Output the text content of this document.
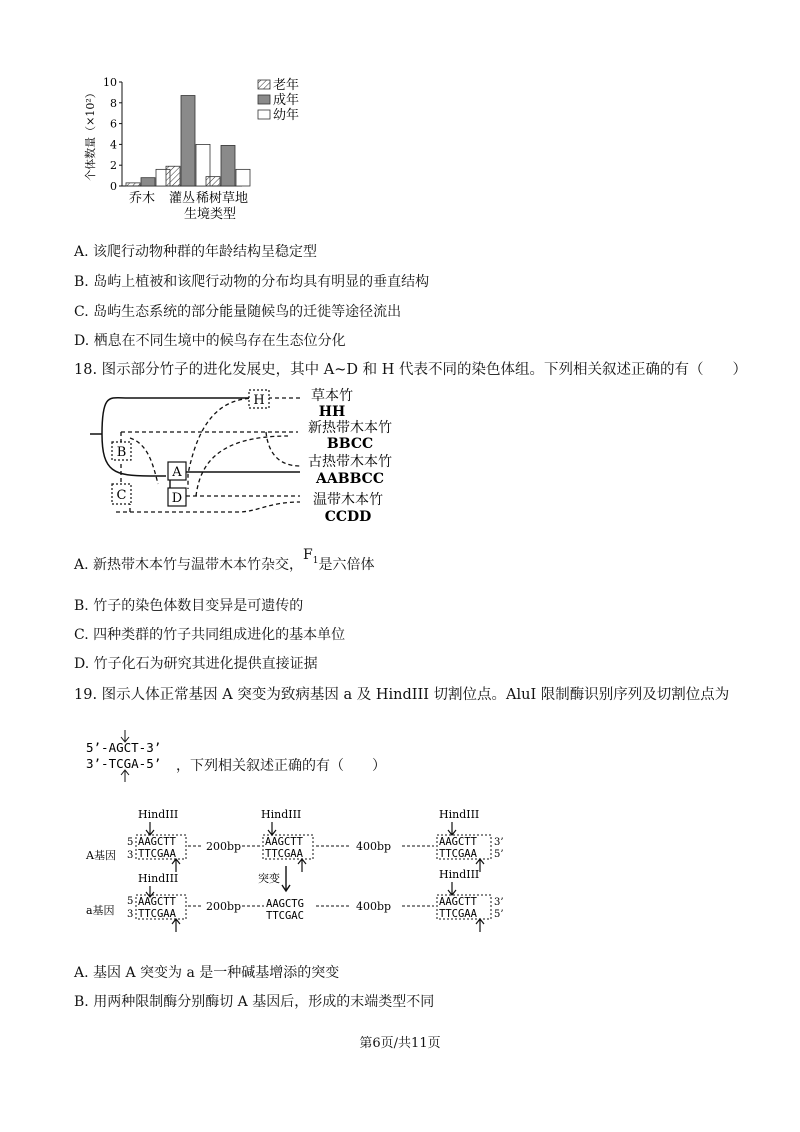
个体数量（×10²）
0
2
4
6
8
10
乔木 灌丛 稀树草地
生境类型
老年
成年
幼年
A. 该爬行动物种群的年龄结构呈稳定型
B. 岛屿上植被和该爬行动物的分布均具有明显的垂直结构
C. 岛屿生态系统的部分能量随候鸟的迁徙等途径流出
D. 栖息在不同生境中的候鸟存在生态位分化
18. 图示部分竹子的进化发展史，其中 A~D 和 H 代表不同的染色体组。下列相关叙述正确的有（　　）
H
B
A
C	D
草本竹
HH
新热带木本竹
BBCC
古热带木本竹
AABBCC
温带木本竹
CCDD
A. 新热带木本竹与温带木本竹杂交，$F^1$是六倍体
B. 竹子的染色体数目变异是可遗传的
C. 四种类群的竹子共同组成进化的基本单位
D. 竹子化石为研究其进化提供直接证据
19. 图示人体正常基因 A 突变为致病基因 a 及 HindIII 切割位点。AluⅠ 限制酶识别序列及切割位点为
5’-AGCT-3’
3’-TCGA-5’ ，下列相关叙述正确的有（　　）
HindIII
A基因
5
3
AAGCTT
TTCGAA
200bp
HindIII
AAGCTT
TTCGAA
400bp
HindIII
AAGCTT
TTCGAA
3’
5’
HindIII
a基因
5
3
AAGCTT
TTCGAA
200bp
突变
AAGCTG
TTCGAC
400bp
HindIII
AAGCTT
TTCGAA
3’
5’
A. 基因 A 突变为 a 是一种碱基增添的突变
B. 用两种限制酶分别酶切 A 基因后，形成的末端类型不同
第6页/共11页
